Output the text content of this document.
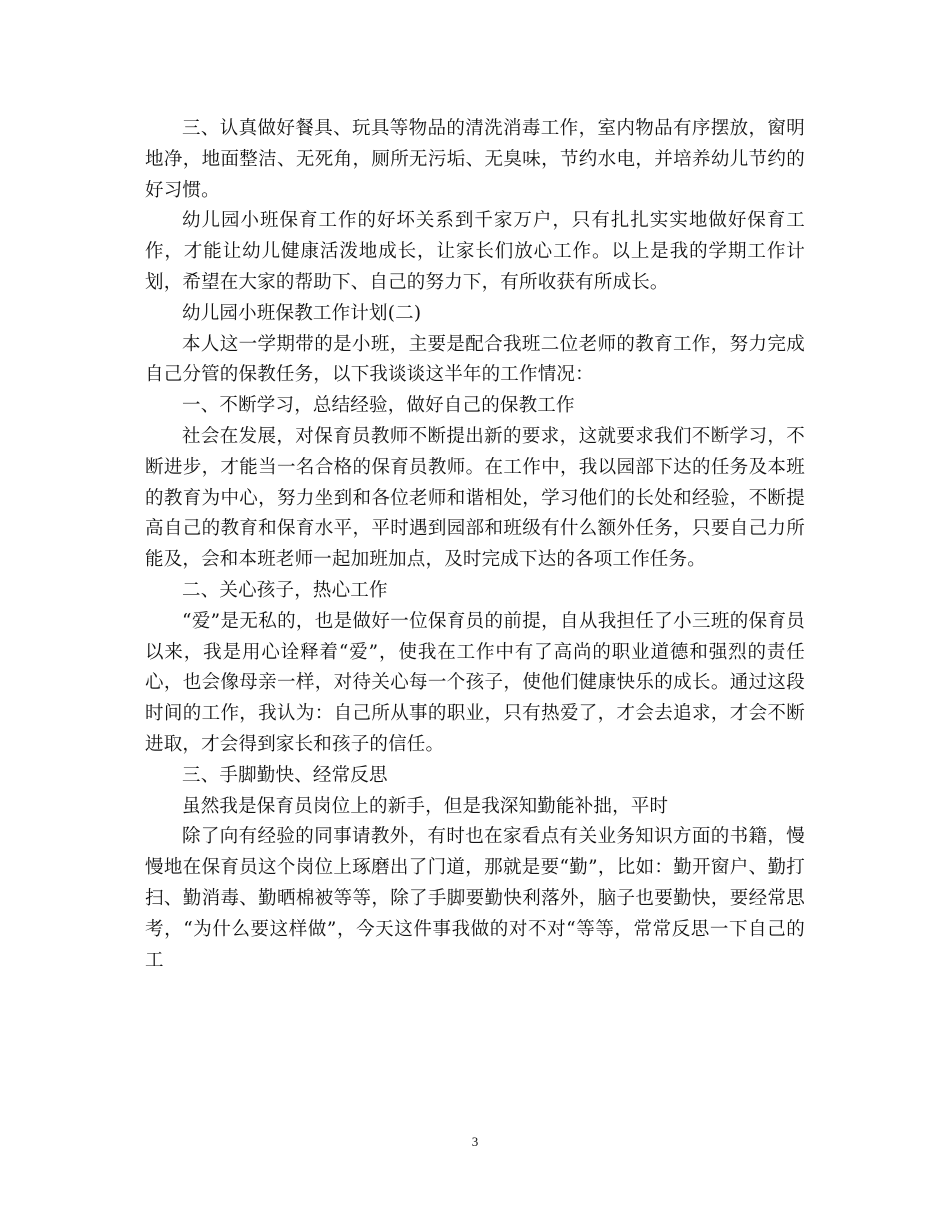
三、认真做好餐具、玩具等物品的清洗消毒工作，室内物品有序摆放，窗明地净，地面整洁、无死角，厕所无污垢、无臭味，节约水电，并培养幼儿节约的好习惯。

幼儿园小班保育工作的好坏关系到千家万户，只有扎扎实实地做好保育工作，才能让幼儿健康活泼地成长，让家长们放心工作。以上是我的学期工作计划，希望在大家的帮助下、自己的努力下，有所收获有所成长。

幼儿园小班保教工作计划(二)

本人这一学期带的是小班，主要是配合我班二位老师的教育工作，努力完成自己分管的保教任务，以下我谈谈这半年的工作情况：

一、不断学习，总结经验，做好自己的保教工作

社会在发展，对保育员教师不断提出新的要求，这就要求我们不断学习，不断进步，才能当一名合格的保育员教师。在工作中，我以园部下达的任务及本班的教育为中心，努力坐到和各位老师和谐相处，学习他们的长处和经验，不断提高自己的教育和保育水平，平时遇到园部和班级有什么额外任务，只要自己力所能及，会和本班老师一起加班加点，及时完成下达的各项工作任务。

二、关心孩子，热心工作

“爱”是无私的，也是做好一位保育员的前提，自从我担任了小三班的保育员以来，我是用心诠释着“爱”，使我在工作中有了高尚的职业道德和强烈的责任心，也会像母亲一样，对待关心每一个孩子，使他们健康快乐的成长。通过这段时间的工作，我认为：自己所从事的职业，只有热爱了，才会去追求，才会不断进取，才会得到家长和孩子的信任。

三、手脚勤快、经常反思

虽然我是保育员岗位上的新手，但是我深知勤能补拙，平时

除了向有经验的同事请教外，有时也在家看点有关业务知识方面的书籍，慢慢地在保育员这个岗位上琢磨出了门道，那就是要“勤”，比如：勤开窗户、勤打扫、勤消毒、勤晒棉被等等，除了手脚要勤快利落外，脑子也要勤快，要经常思考，“为什么要这样做”，今天这件事我做的对不对“等等，常常反思一下自己的工

3
